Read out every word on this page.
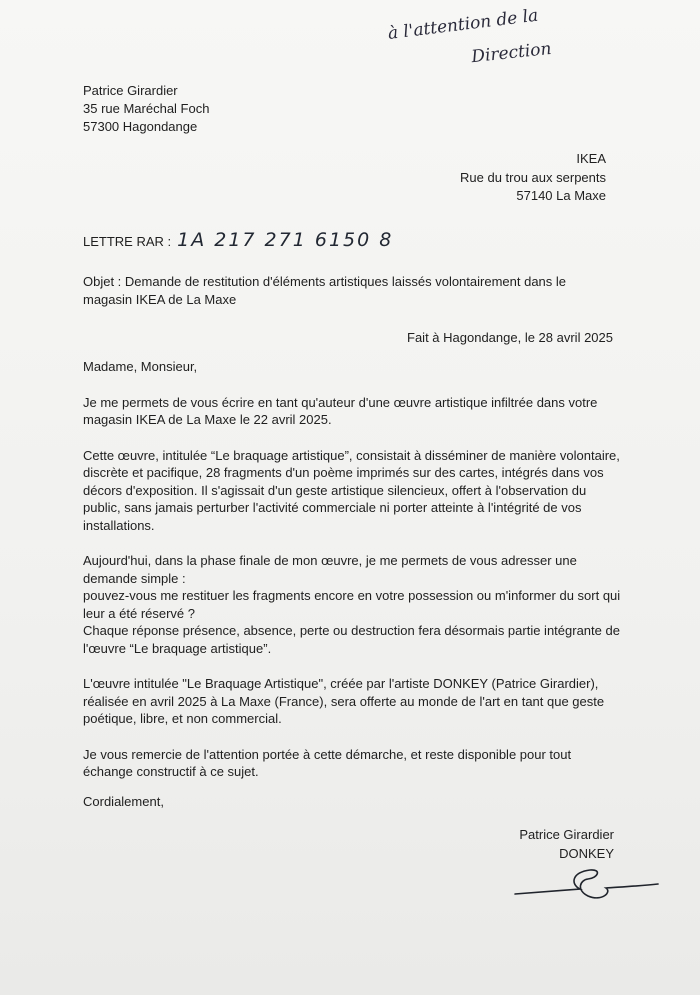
à l'attention de la
Direction
Patrice Girardier
35 rue Maréchal Foch
57300 Hagondange
IKEA
Rue du trou aux serpents
57140 La Maxe
LETTRE RAR : 1A 217 271 6150 8
Objet : Demande de restitution d'éléments artistiques laissés volontairement dans le magasin IKEA de La Maxe
Fait à Hagondange, le 28 avril 2025

Madame, Monsieur,

Je me permets de vous écrire en tant qu'auteur d'une œuvre artistique infiltrée dans votre magasin IKEA de La Maxe le 22 avril 2025.

Cette œuvre, intitulée “Le braquage artistique”, consistait à disséminer de manière volontaire, discrète et pacifique, 28 fragments d'un poème imprimés sur des cartes, intégrés dans vos décors d'exposition. Il s'agissait d'un geste artistique silencieux, offert à l'observation du public, sans jamais perturber l'activité commerciale ni porter atteinte à l'intégrité de vos installations.

Aujourd'hui, dans la phase finale de mon œuvre, je me permets de vous adresser une demande simple :
pouvez-vous me restituer les fragments encore en votre possession ou m'informer du sort qui leur a été réservé ?
Chaque réponse présence, absence, perte ou destruction fera désormais partie intégrante de l'œuvre “Le braquage artistique”.

L'œuvre intitulée "Le Braquage Artistique", créée par l'artiste DONKEY (Patrice Girardier), réalisée en avril 2025 à La Maxe (France), sera offerte au monde de l'art en tant que geste poétique, libre, et non commercial.

Je vous remercie de l'attention portée à cette démarche, et reste disponible pour tout échange constructif à ce sujet.

Cordialement,
Patrice Girardier
DONKEY
